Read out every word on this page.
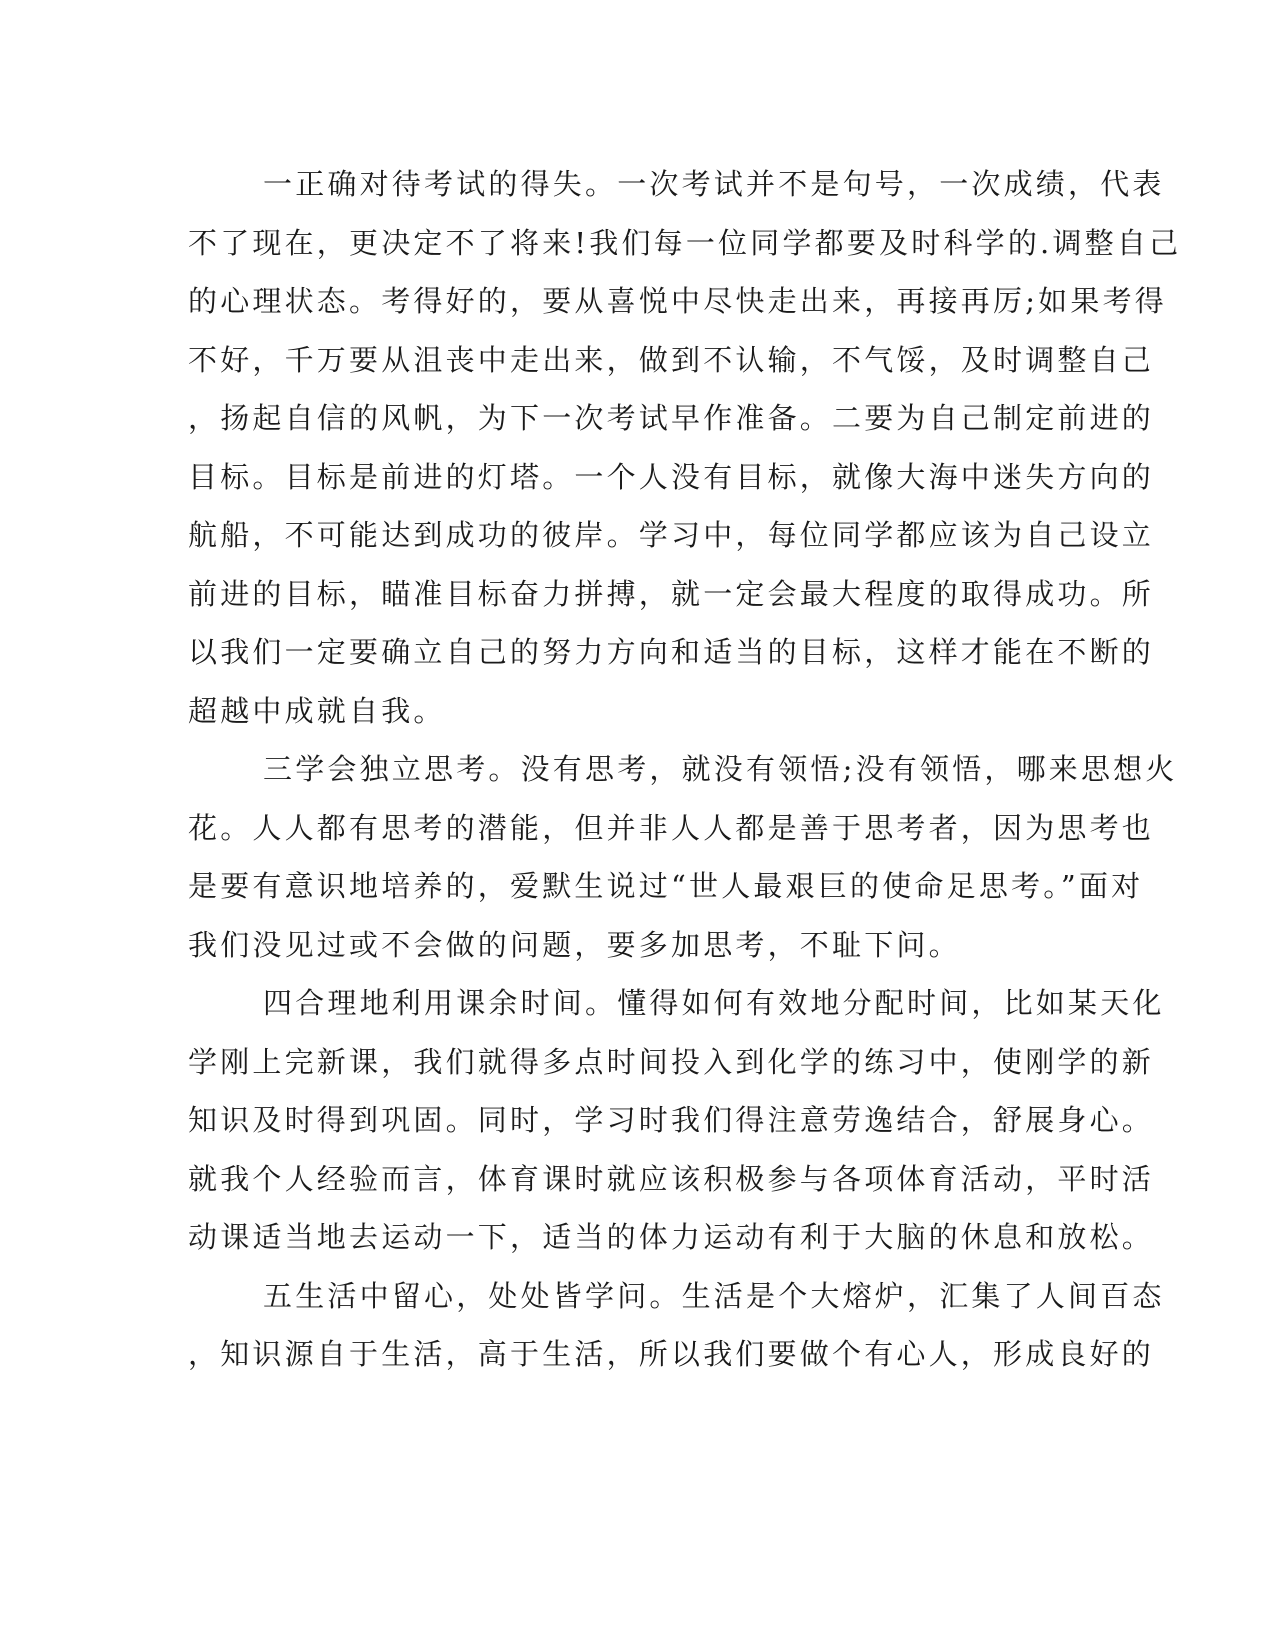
一正确对待考试的得失。一次考试并不是句号，一次成绩，代表
不了现在，更决定不了将来!我们每一位同学都要及时科学的.调整自己
的心理状态。考得好的，要从喜悦中尽快走出来，再接再厉;如果考得
不好，千万要从沮丧中走出来，做到不认输，不气馁，及时调整自己
，扬起自信的风帆，为下一次考试早作准备。二要为自己制定前进的
目标。目标是前进的灯塔。一个人没有目标，就像大海中迷失方向的
航船，不可能达到成功的彼岸。学习中，每位同学都应该为自己设立
前进的目标，瞄准目标奋力拼搏，就一定会最大程度的取得成功。所
以我们一定要确立自己的努力方向和适当的目标，这样才能在不断的
超越中成就自我。
三学会独立思考。没有思考，就没有领悟;没有领悟，哪来思想火
花。人人都有思考的潜能，但并非人人都是善于思考者，因为思考也
是要有意识地培养的，爱默生说过“世人最艰巨的使命足思考。”面对
我们没见过或不会做的问题，要多加思考，不耻下问。
四合理地利用课余时间。懂得如何有效地分配时间，比如某天化
学刚上完新课，我们就得多点时间投入到化学的练习中，使刚学的新
知识及时得到巩固。同时，学习时我们得注意劳逸结合，舒展身心。
就我个人经验而言，体育课时就应该积极参与各项体育活动，平时活
动课适当地去运动一下，适当的体力运动有利于大脑的休息和放松。
五生活中留心，处处皆学问。生活是个大熔炉，汇集了人间百态
，知识源自于生活，高于生活，所以我们要做个有心人，形成良好的
